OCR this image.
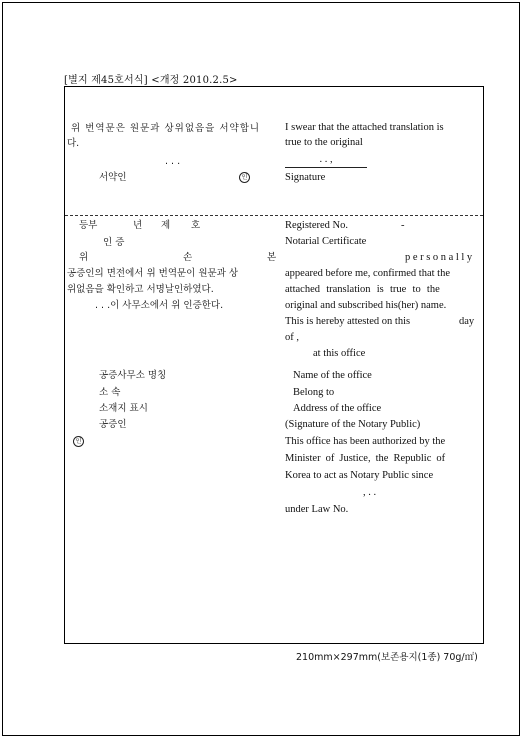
[별지 제45호서식] <개정 2010.2.5>
위 번역문은 원문과 상위없음을 서약합니
다.
. . .
서약인	인
I swear that the attached translation is
true to the original
. . ,
Signature
등부	년 제 호
인 증
위	손	본
공증인의 면전에서 위 번역문이 원문과 상
위없음을 확인하고 서명날인하였다.
. . .이 사무소에서 위 인증한다.
공증사무소 명칭
소 속
소재지 표시
공증인
인
Registered No.	-
Notarial Certificate
personally
appeared before me, confirmed that the
attached translation is true to the
original and subscribed his(her) name.
This is hereby attested on this	day
of ,
at this office
Name of the office
Belong to
Address of the office
(Signature of the Notary Public)
This office has been authorized by the
Minister of Justice, the Republic of
Korea to act as Notary Public since
, . .
under Law No.
210mm×297mm(보존용지(1종) 70g/㎡)
